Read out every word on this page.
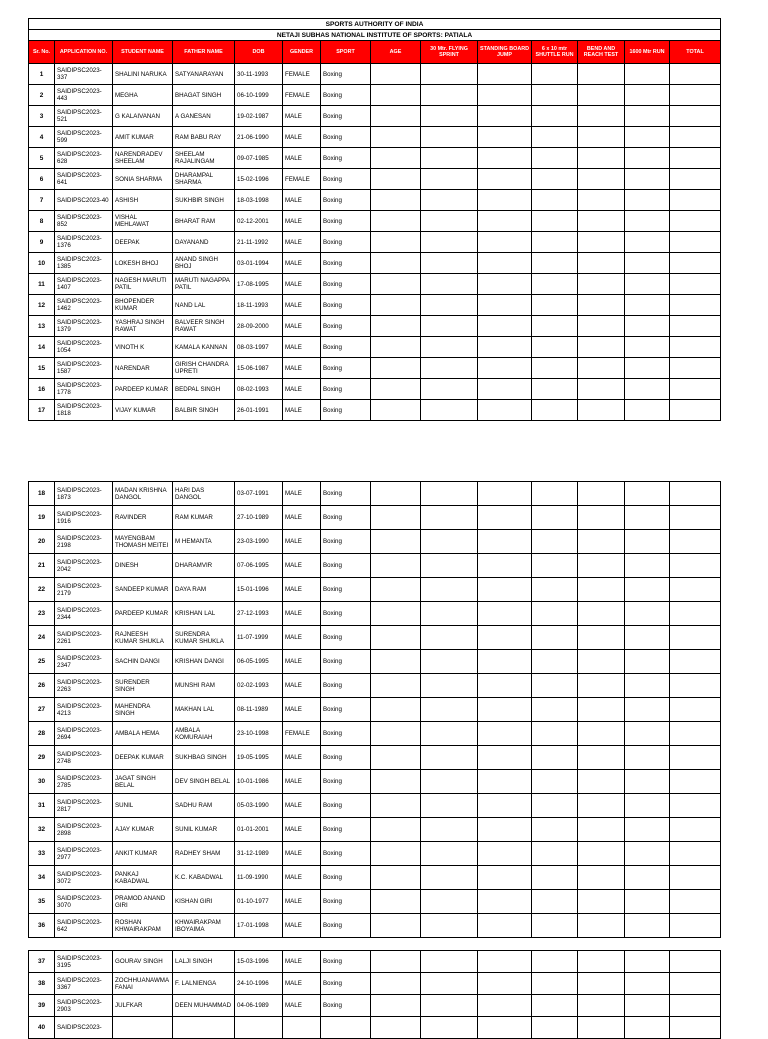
SPORTS AUTHORITY OF INDIA													
NETAJI SUBHAS NATIONAL INSTITUTE OF SPORTS: PATIALA													
Sr. No.	APPLICATION NO.	STUDENT NAME	FATHER NAME	DOB	GENDER	SPORT	AGE	30 Mtr. FLYING SPRINT	STANDING BOARD JUMP	6 x 10 mtr SHUTTLE RUN	BEND AND REACH TEST	1600 Mtr RUN	TOTAL
1	SAIDIPSC2023-337	SHALINI NARUKA	SATYANARAYAN	30-11-1993	FEMALE	Boxing							
2	SAIDIPSC2023-443	MEGHA	BHAGAT SINGH	06-10-1999	FEMALE	Boxing							
3	SAIDIPSC2023-521	G KALAIVANAN	A GANESAN	19-02-1987	MALE	Boxing							
4	SAIDIPSC2023-599	AMIT KUMAR	RAM BABU RAY	21-06-1990	MALE	Boxing							
5	SAIDIPSC2023-628	NARENDRADEV SHEELAM	SHEELAM RAJALINGAM	09-07-1985	MALE	Boxing							
6	SAIDIPSC2023-641	SONIA SHARMA	DHARAMPAL SHARMA	15-02-1996	FEMALE	Boxing							
7	SAIDIPSC2023-40	ASHISH	SUKHBIR SINGH	18-03-1998	MALE	Boxing							
8	SAIDIPSC2023-852	VISHAL MEHLAWAT	BHARAT RAM	02-12-2001	MALE	Boxing							
9	SAIDIPSC2023-1376	DEEPAK	DAYANAND	21-11-1992	MALE	Boxing							
10	SAIDIPSC2023-1385	LOKESH BHOJ	ANAND SINGH BHOJ	03-01-1994	MALE	Boxing							
11	SAIDIPSC2023-1407	NAGESH MARUTI PATIL	MARUTI NAGAPPA PATIL	17-08-1995	MALE	Boxing							
12	SAIDIPSC2023-1462	BHOPENDER KUMAR	NAND LAL	18-11-1993	MALE	Boxing							
13	SAIDIPSC2023-1379	YASHRAJ SINGH RAWAT	BALVEER SINGH RAWAT	28-09-2000	MALE	Boxing							
14	SAIDIPSC2023-1054	VINOTH K	KAMALA KANNAN	08-03-1997	MALE	Boxing							
15	SAIDIPSC2023-1587	NARENDAR	GIRISH CHANDRA UPRETI	15-06-1987	MALE	Boxing							
16	SAIDIPSC2023-1778	PARDEEP KUMAR	BEDPAL SINGH	08-02-1993	MALE	Boxing							
17	SAIDIPSC2023-1818	VIJAY KUMAR	BALBIR SINGH	26-01-1991	MALE	Boxing							
18	SAIDIPSC2023-1873	MADAN KRISHNA DANGOL	HARI DAS DANGOL	03-07-1991	MALE	Boxing							
19	SAIDIPSC2023-1916	RAVINDER	RAM KUMAR	27-10-1989	MALE	Boxing							
20	SAIDIPSC2023-2198	MAYENGBAM THOMASH MEITEI	M HEMANTA	23-03-1990	MALE	Boxing							
21	SAIDIPSC2023-2042	DINESH	DHARAMVIR	07-06-1995	MALE	Boxing							
22	SAIDIPSC2023-2179	SANDEEP KUMAR	DAYA RAM	15-01-1996	MALE	Boxing							
23	SAIDIPSC2023-2344	PARDEEP KUMAR	KRISHAN LAL	27-12-1993	MALE	Boxing							
24	SAIDIPSC2023-2261	RAJNEESH KUMAR SHUKLA	SURENDRA KUMAR SHUKLA	11-07-1999	MALE	Boxing							
25	SAIDIPSC2023-2347	SACHIN DANGI	KRISHAN DANGI	06-05-1995	MALE	Boxing							
26	SAIDIPSC2023-2263	SURENDER SINGH	MUNSHI RAM	02-02-1993	MALE	Boxing							
27	SAIDIPSC2023-4213	MAHENDRA SINGH	MAKHAN LAL	08-11-1989	MALE	Boxing							
28	SAIDIPSC2023-2694	AMBALA HEMA	AMBALA KOMURAIAH	23-10-1998	FEMALE	Boxing							
29	SAIDIPSC2023-2748	DEEPAK KUMAR	SUKHBAG SINGH	19-05-1995	MALE	Boxing							
30	SAIDIPSC2023-2785	JAGAT SINGH BELAL	DEV SINGH BELAL	10-01-1986	MALE	Boxing							
31	SAIDIPSC2023-2817	SUNIL	SADHU RAM	05-03-1990	MALE	Boxing							
32	SAIDIPSC2023-2898	AJAY KUMAR	SUNIL KUMAR	01-01-2001	MALE	Boxing							
33	SAIDIPSC2023-2977	ANKIT KUMAR	RADHEY SHAM	31-12-1989	MALE	Boxing							
34	SAIDIPSC2023-3072	PANKAJ KABADWAL	K.C. KABADWAL	11-09-1990	MALE	Boxing							
35	SAIDIPSC2023-3070	PRAMOD ANAND GIRI	KISHAN GIRI	01-10-1977	MALE	Boxing							
36	SAIDIPSC2023-642	ROSHAN KHWAIRAKPAM	KHWAIRAKPAM IBOYAIMA	17-01-1998	MALE	Boxing							
37	SAIDIPSC2023-3195	GOURAV SINGH	LALJI SINGH	15-03-1996	MALE	Boxing							
38	SAIDIPSC2023-3367	ZOCHHUANAWMA FANAI	F. LALNIENGA	24-10-1996	MALE	Boxing							
39	SAIDIPSC2023-2903	JULFKAR	DEEN MUHAMMAD	04-06-1989	MALE	Boxing							
40	SAIDIPSC2023-												
